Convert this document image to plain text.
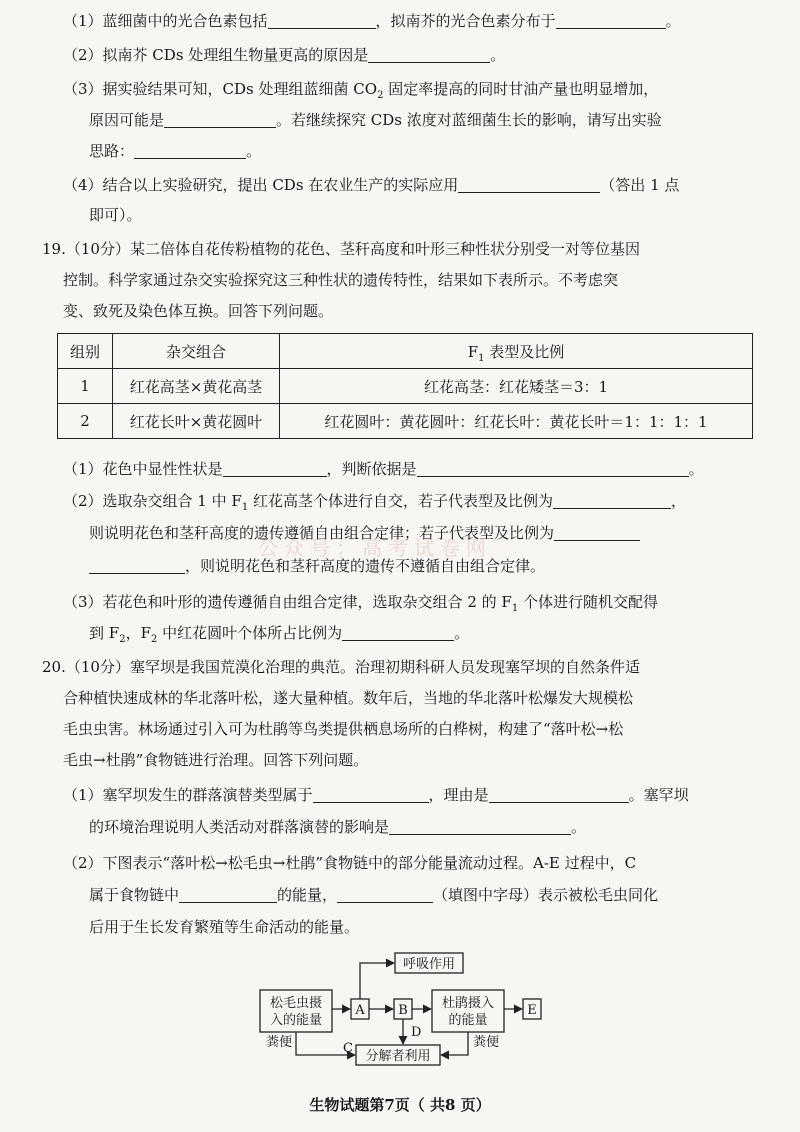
（1）蓝细菌中的光合色素包括	，拟南芥的光合色素分布于	。
（2）拟南芥 CDs 处理组生物量更高的原因是	。
（3）据实验结果可知，CDs 处理组蓝细菌 $CO_2$ 固定率提高的同时甘油产量也明显增加，
原因可能是	。若继续探究 CDs 浓度对蓝细菌生长的影响，请写出实验
思路：	。
（4）结合以上实验研究，提出 CDs 在农业生产的实际应用	（答出 1 点
即可）。
19.（10分）某二倍体自花传粉植物的花色、茎秆高度和叶形三种性状分别受一对等位基因
控制。科学家通过杂交实验探究这三种性状的遗传特性，结果如下表所示。不考虑突
变、致死及染色体互换。回答下列问题。
组别	杂交组合	$F_1$ 表型及比例
1	红花高茎×黄花高茎	红花高茎：红花矮茎＝3：1
2	红花长叶×黄花圆叶	红花圆叶：黄花圆叶：红花长叶：黄花长叶＝1：1：1：1
（1）花色中显性性状是	，判断依据是	。
（2）选取杂交组合 1 中 $F_1$ 红花高茎个体进行自交，若子代表型及比例为	，
则说明花色和茎秆高度的遗传遵循自由组合定律；若子代表型及比例为
公众号：高考试卷网
，则说明花色和茎秆高度的遗传不遵循自由组合定律。
（3）若花色和叶形的遗传遵循自由组合定律，选取杂交组合 2 的 $F_1$ 个体进行随机交配得
到 $F_2$，$F_2$ 中红花圆叶个体所占比例为	。
20.（10分）塞罕坝是我国荒漠化治理的典范。治理初期科研人员发现塞罕坝的自然条件适
合种植快速成林的华北落叶松，遂大量种植。数年后，当地的华北落叶松爆发大规模松
毛虫虫害。林场通过引入可为杜鹃等鸟类提供栖息场所的白桦树，构建了“落叶松→松
毛虫→杜鹃”食物链进行治理。回答下列问题。
（1）塞罕坝发生的群落演替类型属于	，理由是	。塞罕坝
的环境治理说明人类活动对群落演替的影响是	。
（2）下图表示“落叶松→松毛虫→杜鹃”食物链中的部分能量流动过程。A-E 过程中，C
属于食物链中	的能量，	（填图中字母）表示被松毛虫同化
后用于生长发育繁殖等生命活动的能量。
松毛虫摄
入的能量
A	B	E
呼吸作用
杜鹃摄入
的能量
分解者利用
D
C
粪便	粪便
生物试题第7页（ 共8 页）
